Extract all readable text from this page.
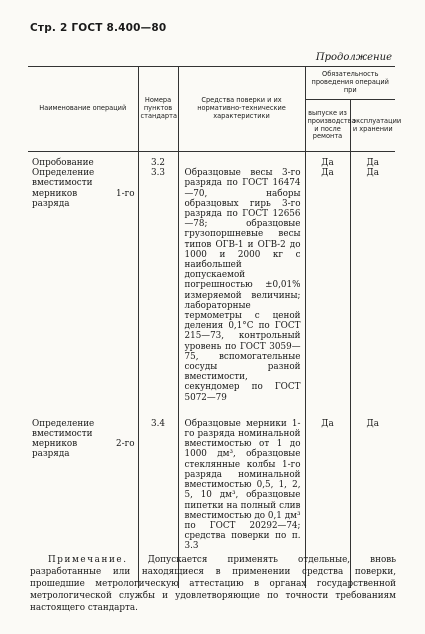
Стр. 2 ГОСТ 8.400—80
Продолжение
Наименование операций	Номера пунктов стандарта	Средства поверки и их нормативно-технические характеристики	Обязательность проведения операций при	
			выпуске из производства и после ремонта	эксплуатации и хранении
Опробование	3.2		Да	Да
Определение вместимости мерников 1-го разряда	3.3	Образцовые весы 3-го разряда по ГОСТ 16474—70, наборы образцовых гирь 3-го разряда по ГОСТ 12656—78; образцовые грузопоршневые весы типов ОГВ-1 и ОГВ-2 до 1000 и 2000 кг с наибольшей допускаемой погрешностью ±0,01% измеряемой величины; лабораторные термометры с ценой деления 0,1°С по ГОСТ 215—73, контрольный уровень по ГОСТ 3059—75, вспомогательные сосуды разной вместимости, секундомер по ГОСТ 5072—79	Да	Да
Определение вместимости мерников 2-го разряда	3.4	Образцовые мерники 1-го разряда номинальной вместимостью от 1 до 1000 дм³, образцовые стеклянные колбы 1-го разряда номинальной вместимостью 0,5, 1, 2, 5, 10 дм³, образцовые пипетки на полный слив вместимостью до 0,1 дм³ по ГОСТ 20292—74; средства поверки по п. 3.3	Да	Да
Примечание. Допускается применять отдельные, вновь разработанные или находящиеся в применении средства поверки, прошедшие метрологическую аттестацию в органах государственной метрологической службы и удовлетворяющие по точности требованиям настоящего стандарта.
